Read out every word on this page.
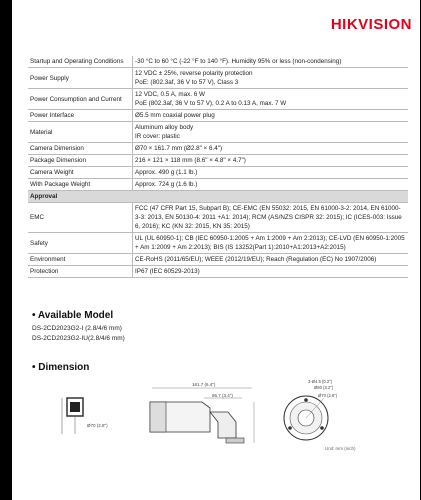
HIKVISION
Startup and Operating Conditions	-30 °C to 60 °C (-22 °F to 140 °F). Humidity 95% or less (non-condensing)

Power Supply	12 VDC ± 25%, reverse polarity protection
PoE: (802.3af, 36 V to 57 V), Class 3

Power Consumption and Current	12 VDC, 0.5 A, max. 6 W
PoE (802.3af, 36 V to 57 V), 0.2 A to 0.13 A, max. 7 W

Power Interface	Ø5.5 mm coaxial power plug

Material	Aluminum alloy body
IR cover: plastic

Camera Dimension	Ø70 × 161.7 mm (Ø2.8" × 6.4")

Package Dimension	216 × 121 × 118 mm (8.6" × 4.8" × 4.7")

Camera Weight	Approx. 490 g (1.1 lb.)

With Package Weight	Approx. 724 g (1.6 lb.)

Approval	
EMC	FCC (47 CFR Part 15, Subpart B); CE-EMC (EN 55032: 2015, EN 61000-3-2: 2014, EN 61000-3-3: 2013, EN 50130-4: 2011 +A1: 2014); RCM (AS/NZS CISPR 32: 2015); IC (ICES-003: Issue 6, 2016); KC (KN 32: 2015, KN 35: 2015)

Safety	UL (UL 60950-1); CB (IEC 60950-1:2005 + Am 1:2009 + Am 2:2013); CE-LVD (EN 60950-1:2005 + Am 1:2009 + Am 2:2013); BIS (IS 13252(Part 1):2010+A1:2013+A2:2015)

Environment	CE-RoHS (2011/65/EU); WEEE (2012/19/EU); Reach (Regulation (EC) No 1907/2006)

Protection	IP67 (IEC 60529-2013)
• Available Model
DS-2CD2023G2-I (2.8/4/6 mm)
DS-2CD2023G2-IU(2.8/4/6 mm)
• Dimension
Ø70 (2.8")
161.7 (6.4")
86.7 (3.4")
3-Ø4.5 (0.2")
Ø80 (3.2")
Ø70 (2.8")
Unit: mm (inch)
